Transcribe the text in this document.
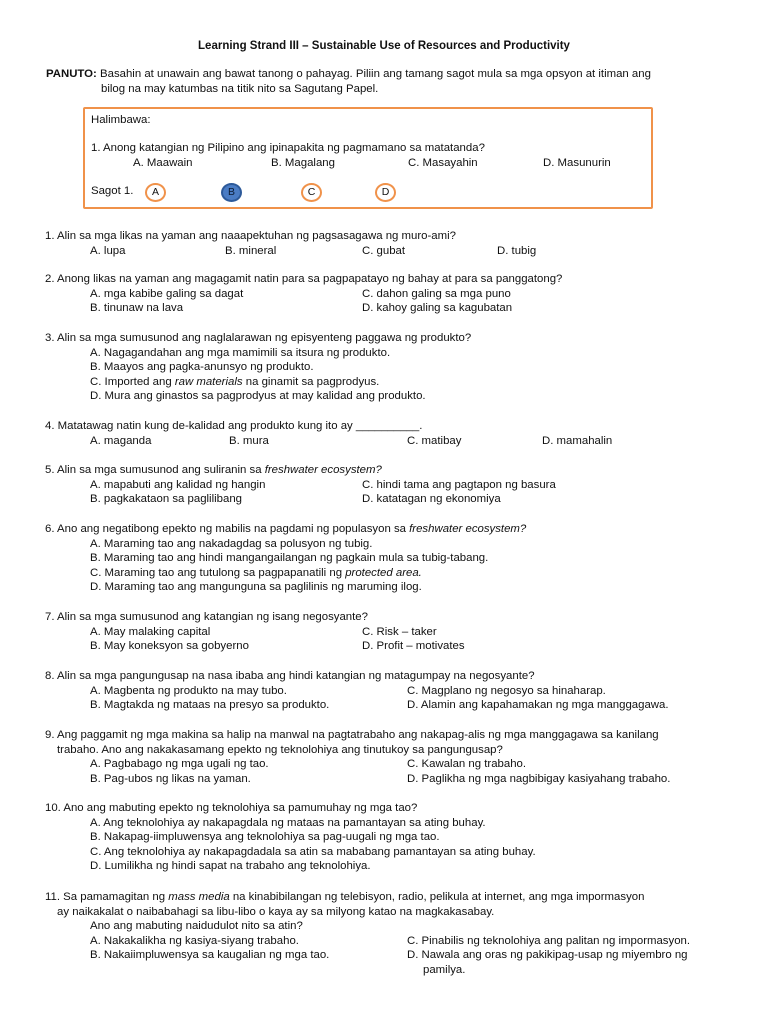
Learning Strand III – Sustainable Use of Resources and Productivity
PANUTO: Basahin at unawain ang bawat tanong o pahayag. Piliin ang tamang sagot mula sa mga opsyon at itiman ang
bilog na may katumbas na titik nito sa Sagutang Papel.
Halimbawa:
1. Anong katangian ng Pilipino ang ipinapakita ng pagmamano sa matatanda?
A. Maawain	B. Magalang	C. Masayahin	D. Masunurin
Sagot 1.	A	B	C	D
1. Alin sa mga likas na yaman ang naaapektuhan ng pagsasagawa ng muro-ami?
A. lupa	B. mineral	C. gubat	D. tubig
2. Anong likas na yaman ang magagamit natin para sa pagpapatayo ng bahay at para sa panggatong?
A. mga kabibe galing sa dagat	C. dahon galing sa mga puno
B. tinunaw na lava	D. kahoy galing sa kagubatan
3. Alin sa mga sumusunod ang naglalarawan ng episyenteng paggawa ng produkto?
A. Nagagandahan ang mga mamimili sa itsura ng produkto.
B. Maayos ang pagka-anunsyo ng produkto.
C. Imported ang raw materials na ginamit sa pagprodyus.
D. Mura ang ginastos sa pagprodyus at may kalidad ang produkto.
4. Matatawag natin kung de-kalidad ang produkto kung ito ay __________.
A. maganda	B. mura	C. matibay	D. mamahalin
5. Alin sa mga sumusunod ang suliranin sa freshwater ecosystem?
A. mapabuti ang kalidad ng hangin	C. hindi tama ang pagtapon ng basura
B. pagkakataon sa paglilibang	D. katatagan ng ekonomiya
6. Ano ang negatibong epekto ng mabilis na pagdami ng populasyon sa freshwater ecosystem?
A. Maraming tao ang nakadagdag sa polusyon ng tubig.
B. Maraming tao ang hindi mangangailangan ng pagkain mula sa tubig-tabang.
C. Maraming tao ang tutulong sa pagpapanatili ng protected area.
D. Maraming tao ang mangunguna sa paglilinis ng maruming ilog.
7. Alin sa mga sumusunod ang katangian ng isang negosyante?
A. May malaking capital	C. Risk – taker
B. May koneksyon sa gobyerno	D. Profit – motivates
8. Alin sa mga pangungusap na nasa ibaba ang hindi katangian ng matagumpay na negosyante?
A. Magbenta ng produkto na may tubo.	C. Magplano ng negosyo sa hinaharap.
B. Magtakda ng mataas na presyo sa produkto.	D. Alamin ang kapahamakan ng mga manggagawa.
9. Ang paggamit ng mga makina sa halip na manwal na pagtatrabaho ang nakapag-alis ng mga manggagawa sa kanilang
trabaho. Ano ang nakakasamang epekto ng teknolohiya ang tinutukoy sa pangungusap?
A. Pagbabago ng mga ugali ng tao.	C. Kawalan ng trabaho.
B. Pag-ubos ng likas na yaman.	D. Paglikha ng mga nagbibigay kasiyahang trabaho.
10. Ano ang mabuting epekto ng teknolohiya sa pamumuhay ng mga tao?
A. Ang teknolohiya ay nakapagdala ng mataas na pamantayan sa ating buhay.
B. Nakapag-iimpluwensya ang teknolohiya sa pag-uugali ng mga tao.
C. Ang teknolohiya ay nakapagdadala sa atin sa mababang pamantayan sa ating buhay.
D. Lumilikha ng hindi sapat na trabaho ang teknolohiya.
11. Sa pamamagitan ng mass media na kinabibilangan ng telebisyon, radio, pelikula at internet, ang mga impormasyon
ay naikakalat o naibabahagi sa libu-libo o kaya ay sa milyong katao na magkakasabay.
Ano ang mabuting naidudulot nito sa atin?
A. Nakakalikha ng kasiya-siyang trabaho.	C. Pinabilis ng teknolohiya ang palitan ng impormasyon.
B. Nakaiimpluwensya sa kaugalian ng mga tao.	D. Nawala ang oras ng pakikipag-usap ng miyembro ng
pamilya.
